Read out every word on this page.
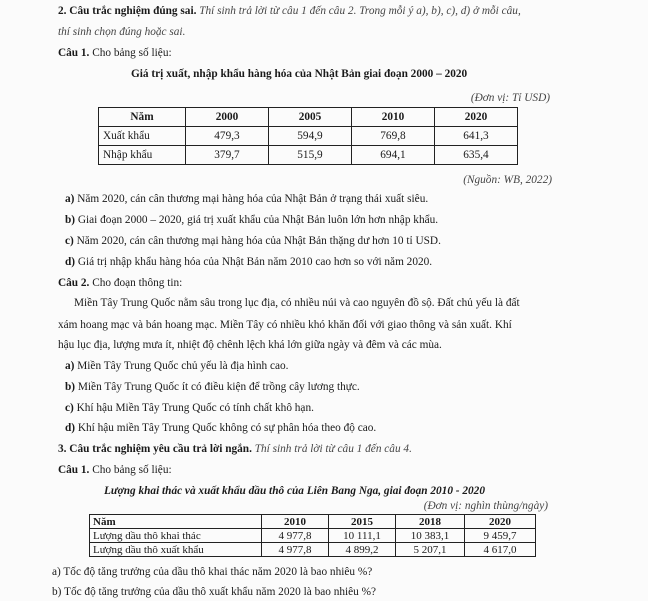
2. Câu trắc nghiệm đúng sai. Thí sinh trả lời từ câu 1 đến câu 2. Trong mỗi ý a), b), c), d) ở mỗi câu,
thí sinh chọn đúng hoặc sai.
Câu 1. Cho bảng số liệu:
Giá trị xuất, nhập khẩu hàng hóa của Nhật Bản giai đoạn 2000 – 2020
(Đơn vị: Tỉ USD)
Năm	2000	2005	2010	2020
Xuất khẩu	479,3	594,9	769,8	641,3
Nhập khẩu	379,7	515,9	694,1	635,4
(Nguồn: WB, 2022)
a) Năm 2020, cán cân thương mại hàng hóa của Nhật Bản ở trạng thái xuất siêu.
b) Giai đoạn 2000 – 2020, giá trị xuất khẩu của Nhật Bản luôn lớn hơn nhập khẩu.
c) Năm 2020, cán cân thương mại hàng hóa của Nhật Bản thặng dư hơn 10 tỉ USD.
d) Giá trị nhập khẩu hàng hóa của Nhật Bản năm 2010 cao hơn so với năm 2020.
Câu 2. Cho đoạn thông tin:
Miền Tây Trung Quốc nằm sâu trong lục địa, có nhiều núi và cao nguyên đồ sộ. Đất chủ yếu là đất
xám hoang mạc và bán hoang mạc. Miền Tây có nhiều khó khăn đối với giao thông và sản xuất. Khí
hậu lục địa, lượng mưa ít, nhiệt độ chênh lệch khá lớn giữa ngày và đêm và các mùa.
a) Miền Tây Trung Quốc chủ yếu là địa hình cao.
b) Miền Tây Trung Quốc ít có điều kiện để trồng cây lương thực.
c) Khí hậu Miền Tây Trung Quốc có tính chất khô hạn.
d) Khí hậu miền Tây Trung Quốc không có sự phân hóa theo độ cao.
3. Câu trắc nghiệm yêu cầu trả lời ngắn. Thí sinh trả lời từ câu 1 đến câu 4.
Câu 1. Cho bảng số liệu:
Lượng khai thác và xuất khẩu dầu thô của Liên Bang Nga, giai đoạn 2010 - 2020
(Đơn vị: nghìn thùng/ngày)
Năm	2010	2015	2018	2020
Lượng dầu thô khai thác	4 977,8	10 111,1	10 383,1	9 459,7
Lượng dầu thô xuất khẩu	4 977,8	4 899,2	5 207,1	4 617,0
a) Tốc độ tăng trưởng của dầu thô khai thác năm 2020 là bao nhiêu %?
b) Tốc độ tăng trưởng của dầu thô xuất khẩu năm 2020 là bao nhiêu %?
